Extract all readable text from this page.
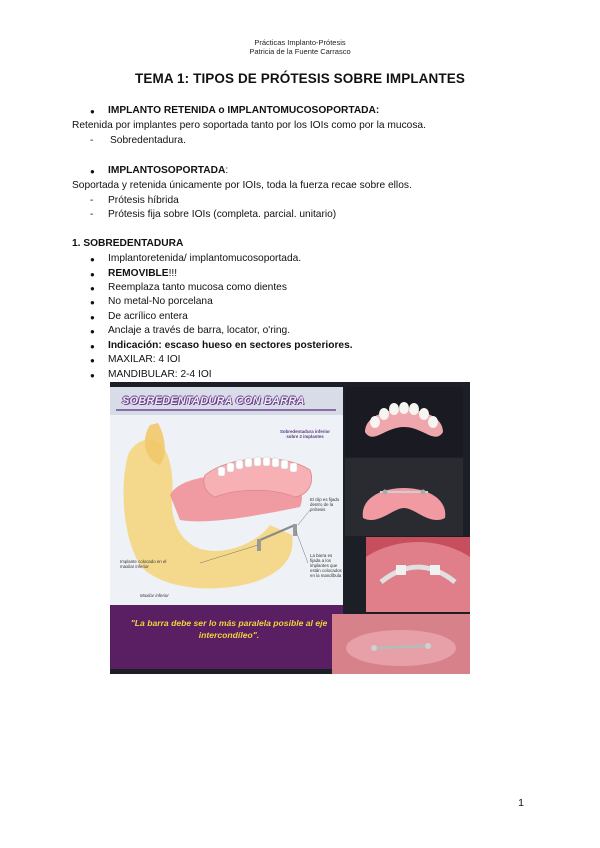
Prácticas Implanto-Prótesis
Patricia de la Fuente Carrasco
TEMA 1: TIPOS DE PRÓTESIS SOBRE IMPLANTES
● IMPLANTO RETENIDA o IMPLANTOMUCOSOPORTADA:
Retenida por implantes pero soportada tanto por los IOIs como por la mucosa.
- Sobredentadura.
● IMPLANTOSOPORTADA:
Soportada y retenida únicamente por IOIs, toda la fuerza recae sobre ellos.
- Prótesis híbrida
- Prótesis fija sobre IOIs (completa. parcial. unitario)
1. SOBREDENTADURA
● Implantoretenida/ implantomucosoportada.
● REMOVIBLE!!!
● Reemplaza tanto mucosa como dientes
● No metal-No porcelana
● De acrílico entera
● Anclaje a través de barra, locator, o'ring.
● Indicación: escaso hueso en sectores posteriores.
● MAXILAR: 4 IOI
● MANDIBULAR: 2-4 IOI
SOBREDENTADURA CON BARRA
Sobredentadura inferior sobre 2 implantes
El clip es fijado dentro de la prótesis
La barra es fijada a los implantes que están colocados en la mandíbula
Implante colocado en el maxilar inferior
Maxilar inferior
"La barra debe ser lo más paralela posible al eje intercondíleo".
1
